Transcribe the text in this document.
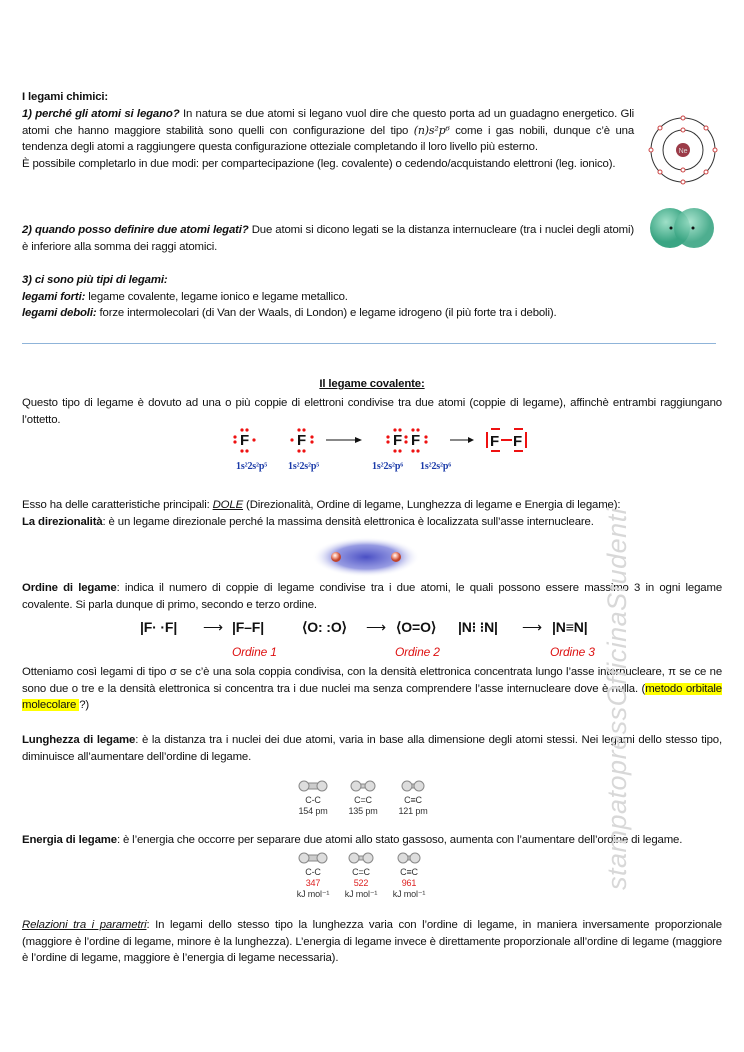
I legami chimici:

1) perché gli atomi si legano? In natura se due atomi si legano vuol dire che questo porta ad un guadagno energetico. Gli atomi che hanno maggiore stabilità sono quelli con configurazione del tipo (n)s²p⁶ come i gas nobili, dunque c’è una tendenza degli atomi a raggiungere questa configurazione otteziale completando il loro livello più esterno.
È possibile completarlo in due modi: per compartecipazione (leg. covalente) o cedendo/acquistando elettroni (leg. ionico).

Ne

2) quando posso definire due atomi legati? Due atomi si dicono legati se la distanza internucleare (tra i nuclei degli atomi) è inferiore alla somma dei raggi atomici.

3) ci sono più tipi di legami:
legami forti: legame covalente, legame ionico e legame metallico.
legami deboli: forze intermolecolari (di Van der Waals, di London) e legame idrogeno (il più forte tra i deboli).

Il legame covalente:

Questo tipo di legame è dovuto ad una o più coppie di elettroni condivise tra due atomi (coppie di legame), affinchè entrambi raggiungano l’ottetto.

F	F	F F	F F
1s²2s²p⁵ 1s²2s²p⁵	1s²2s²p⁶ 1s²2s²p⁶

Esso ha delle caratteristiche principali: DOLE (Direzionalità, Ordine di legame, Lunghezza di legame e Energia di legame):
La direzionalità: è un legame direzionale perché la massima densità elettronica è localizzata sull’asse internucleare.

Ordine di legame: indica il numero di coppie di legame condivise tra i due atomi, le quali possono essere massimo 3 in ogni legame covalente. Si parla dunque di primo, secondo e terzo ordine.

|F· ·F| ⟶ |F–F|	⟨O: :O⟩ ⟶ ⟨O=O⟩ |N⁝ ⁝N| ⟶ |N≡N|
Ordine 1	Ordine 2	Ordine 3

Otteniamo così legami di tipo σ se c’è una sola coppia condivisa, con la densità elettronica concentrata lungo l’asse internucleare, π se ce ne sono due o tre e la densità elettronica si concentra tra i due nuclei ma senza comprendere l’asse internucleare dove è nulla. (metodo orbitale molecolare ?)

Lunghezza di legame: è la distanza tra i nuclei dei due atomi, varia in base alla dimensione degli atomi stessi. Nei legami dello stesso tipo, diminuisce all’aumentare dell’ordine di legame.

C-C
154 pm

C=C
135 pm

C≡C
121 pm

Energia di legame: è l’energia che occorre per separare due atomi allo stato gassoso, aumenta con l’aumentare dell’ordine di legame.

C-C
347
kJ mol⁻¹

C=C
522
kJ mol⁻¹

C≡C
961
kJ mol⁻¹

Relazioni tra i parametri: In legami dello stesso tipo la lunghezza varia con l’ordine di legame, in maniera inversamente proporzionale (maggiore è l’ordine di legame, minore è la lunghezza). L’energia di legame invece è direttamente proporzionale all’ordine di legame (maggiore è l’ordine di legame, maggiore è l’energia di legame necessaria).

stampatopressOfficinaStudenti
